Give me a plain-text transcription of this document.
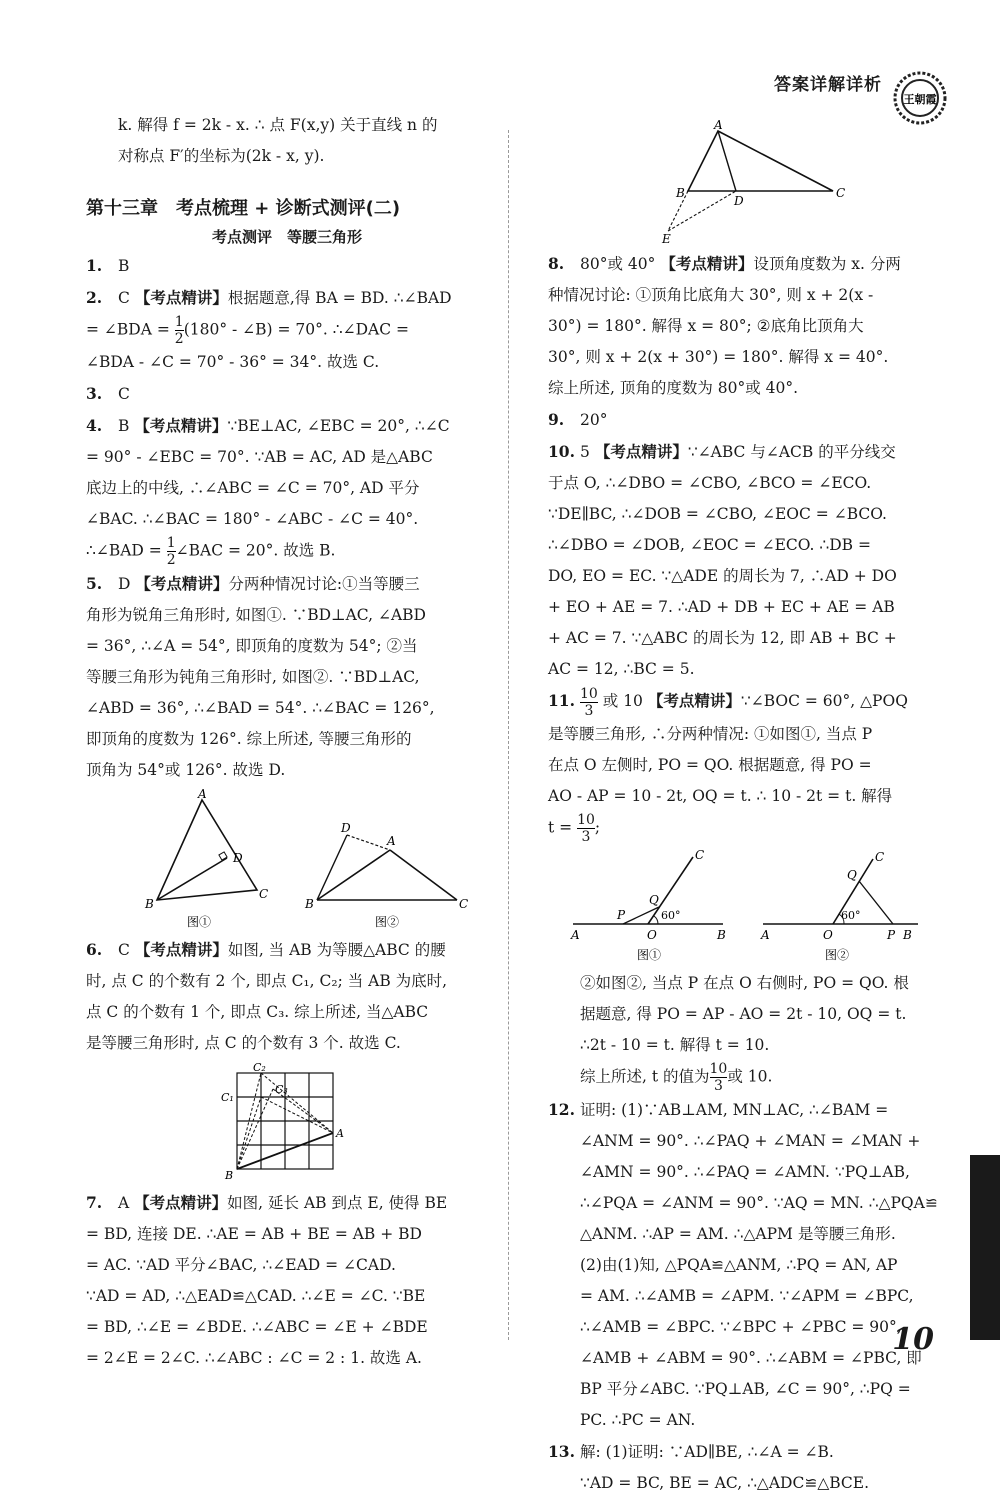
答案详解详析
王朝霞

k. 解得 f = 2k - x. ∴ 点 F(x,y) 关于直线 n 的

对称点 F′的坐标为(2k - x, y).

第十三章　考点梳理 + 诊断式测评(二)

考点测评　等腰三角形

1. B

2. C 【考点精讲】根据题意,得 BA = BD. ∴∠BAD

= ∠BDA = $\frac{1}{2} (180^\circ$ - ∠B) = 70°. ∴∠DAC =

∠BDA - ∠C = 70° - 36° = 34°. 故选 C.

3. C

4. B 【考点精讲】∵BE⊥AC, ∠EBC = 20°, ∴∠C

= 90° - ∠EBC = 70°. ∵AB = AC, AD 是△ABC

底边上的中线, ∴∠ABC = ∠C = 70°, AD 平分

∠BAC. ∴∠BAC = 180° - ∠ABC - ∠C = 40°.

∴∠BAD = $\frac{1}{2}$ ∠BAC = 20°. 故选 B.

5. D 【考点精讲】分两种情况讨论:①当等腰三

角形为锐角三角形时, 如图①. ∵BD⊥AC, ∠ABD

= 36°, ∴∠A = 54°, 即顶角的度数为 54°; ②当

等腰三角形为钝角三角形时, 如图②. ∵BD⊥AC,

∠ABD = 36°, ∴∠BAD = 54°. ∴∠BAC = 126°,

即顶角的度数为 126°. 综上所述, 等腰三角形的

顶角为 54°或 126°. 故选 D.

A
B
C
D
图①
D
A
B	C
图②

6. C 【考点精讲】如图, 当 AB 为等腰△ABC 的腰

时, 点 C 的个数有 2 个, 即点 C₁, C₂; 当 AB 为底时,

点 C 的个数有 1 个, 即点 C₃. 综上所述, 当△ABC

是等腰三角形时, 点 C 的个数有 3 个. 故选 C.

C₂
C₁
C₃
A
B

7. A 【考点精讲】如图, 延长 AB 到点 E, 使得 BE

= BD, 连接 DE. ∴AE = AB + BE = AB + BD

= AC. ∵AD 平分∠BAC, ∴∠EAD = ∠CAD.

∵AD = AD, ∴△EAD≌△CAD. ∴∠E = ∠C. ∵BE

= BD, ∴∠E = ∠BDE. ∴∠ABC = ∠E + ∠BDE

= 2∠E = 2∠C. ∴∠ABC : ∠C = 2 : 1. 故选 A.

A
B	C
D
E

8. 80°或 40° 【考点精讲】设顶角度数为 x. 分两

种情况讨论: ①顶角比底角大 30°, 则 x + 2(x -

30°) = 180°. 解得 x = 80°; ②底角比顶角大

30°, 则 x + 2(x + 30°) = 180°. 解得 x = 40°.

综上所述, 顶角的度数为 80°或 40°.

9. 20°

10. 5 【考点精讲】∵∠ABC 与∠ACB 的平分线交

于点 O, ∴∠DBO = ∠CBO, ∠BCO = ∠ECO.

∵DE∥BC, ∴∠DOB = ∠CBO, ∠EOC = ∠BCO.

∴∠DBO = ∠DOB, ∠EOC = ∠ECO. ∴DB =

DO, EO = EC. ∵△ADE 的周长为 7, ∴AD + DO

+ EO + AE = 7. ∴AD + DB + EC + AE = AB

+ AC = 7. ∵△ABC 的周长为 12, 即 AB + BC +

AC = 12, ∴BC = 5.

11. $\frac{10}{3}$ 或 10 【考点精讲】∵∠BOC = 60°, △POQ

是等腰三角形, ∴分两种情况: ①如图①, 当点 P

在点 O 左侧时, PO = QO. 根据题意, 得 PO =

AO - AP = 10 - 2t, OQ = t. ∴ 10 - 2t = t. 解得

$t = \frac{10}{3}$ ;

60°
A
P
O
Q
C
B
图①
60°
A	O
Q
C
P B
图②

②如图②, 当点 P 在点 O 右侧时, PO = QO. 根

据题意, 得 PO = AP - AO = 2t - 10, OQ = t.

∴2t - 10 = t. 解得 t = 10.

综上所述, t 的值为 $\frac{10}{3}$ 或 10.

12. 证明: (1)∵AB⊥AM, MN⊥AC, ∴∠BAM =

∠ANM = 90°. ∴∠PAQ + ∠MAN = ∠MAN +

∠AMN = 90°. ∴∠PAQ = ∠AMN. ∵PQ⊥AB,

∴∠PQA = ∠ANM = 90°. ∵AQ = MN. ∴△PQA≌

△ANM. ∴AP = AM. ∴△APM 是等腰三角形.

(2)由(1)知, △PQA≌△ANM, ∴PQ = AN, AP

= AM. ∴∠AMB = ∠APM. ∵∠APM = ∠BPC,

∴∠AMB = ∠BPC. ∵∠BPC + ∠PBC = 90°,

∠AMB + ∠ABM = 90°. ∴∠ABM = ∠PBC, 即

BP 平分∠ABC. ∵PQ⊥AB, ∠C = 90°, ∴PQ =

PC. ∴PC = AN.

13. 解: (1)证明: ∵AD∥BE, ∴∠A = ∠B.

∵AD = BC, BE = AC, ∴△ADC≌△BCE.

10
